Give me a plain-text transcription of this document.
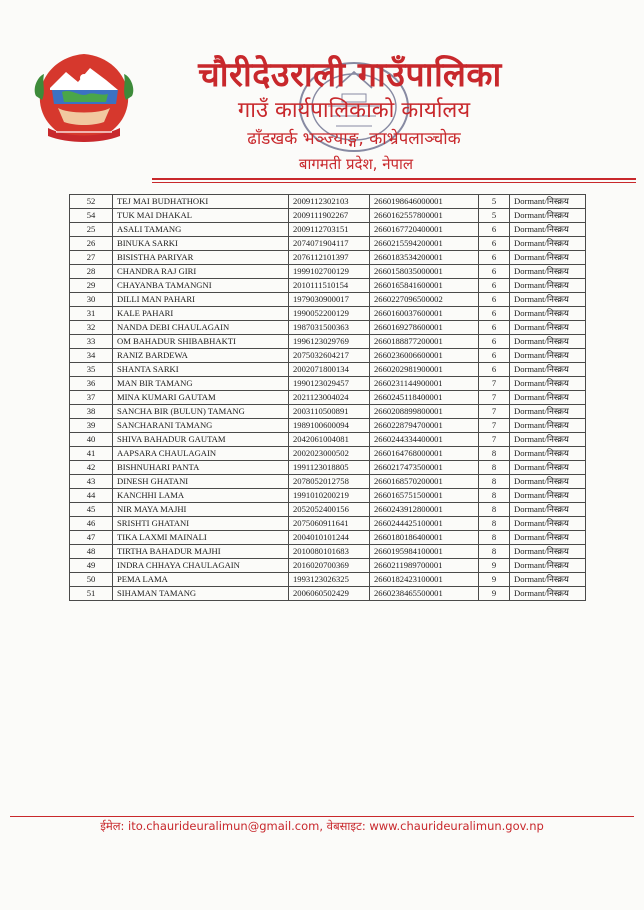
चौरीदेउराली गाउँपालिका
गाउँ कार्यपालिकाको कार्यालय
ढाँडखर्क भञ्ज्याङ्ग, काभ्रेपलाञ्चोक
बागमती प्रदेश, नेपाल
52	TEJ MAI BUDHATHOKI	2009112302103	2660198646000001	5	Dormant/निस्क्रय
54	TUK MAI DHAKAL	2009111902267	2660162557800001	5	Dormant/निस्क्रय
25	ASALI TAMANG	2009112703151	2660167720400001	6	Dormant/निस्क्रय
26	BINUKA SARKI	2074071904117	2660215594200001	6	Dormant/निस्क्रय
27	BISISTHA PARIYAR	2076112101397	2660183534200001	6	Dormant/निस्क्रय
28	CHANDRA RAJ GIRI	1999102700129	2660158035000001	6	Dormant/निस्क्रय
29	CHAYANBA TAMANGNI	2010111510154	2660165841600001	6	Dormant/निस्क्रय
30	DILLI MAN PAHARI	1979030900017	2660227096500002	6	Dormant/निस्क्रय
31	KALE PAHARI	1990052200129	2660160037600001	6	Dormant/निस्क्रय
32	NANDA DEBI CHAULAGAIN	1987031500363	2660169278600001	6	Dormant/निस्क्रय
33	OM BAHADUR SHIBABHAKTI	1996123029769	2660188877200001	6	Dormant/निस्क्रय
34	RANIZ BARDEWA	2075032604217	2660236006600001	6	Dormant/निस्क्रय
35	SHANTA SARKI	2002071800134	2660202981900001	6	Dormant/निस्क्रय
36	MAN BIR TAMANG	1990123029457	2660231144900001	7	Dormant/निस्क्रय
37	MINA KUMARI GAUTAM	2021123004024	2660245118400001	7	Dormant/निस्क्रय
38	SANCHA BIR (BULUN) TAMANG	2003110500891	2660208899800001	7	Dormant/निस्क्रय
39	SANCHARANI TAMANG	1989100600094	2660228794700001	7	Dormant/निस्क्रय
40	SHIVA BAHADUR GAUTAM	2042061004081	2660244334400001	7	Dormant/निस्क्रय
41	AAPSARA CHAULAGAIN	2002023000502	2660164768000001	8	Dormant/निस्क्रय
42	BISHNUHARI PANTA	1991123018805	2660217473500001	8	Dormant/निस्क्रय
43	DINESH GHATANI	2078052012758	2660168570200001	8	Dormant/निस्क्रय
44	KANCHHI LAMA	1991010200219	2660165751500001	8	Dormant/निस्क्रय
45	NIR MAYA MAJHI	2052052400156	2660243912800001	8	Dormant/निस्क्रय
46	SRISHTI GHATANI	2075060911641	2660244425100001	8	Dormant/निस्क्रय
47	TIKA LAXMI MAINALI	2004010101244	2660180186400001	8	Dormant/निस्क्रय
48	TIRTHA BAHADUR MAJHI	2010080101683	2660195984100001	8	Dormant/निस्क्रय
49	INDRA CHHAYA CHAULAGAIN	2016020700369	2660211989700001	9	Dormant/निस्क्रय
50	PEMA LAMA	1993123026325	2660182423100001	9	Dormant/निस्क्रय
51	SIHAMAN TAMANG	2006060502429	2660238465500001	9	Dormant/निस्क्रय
ईमेल: ito.chaurideuralimun@gmail.com, वेबसाइट: www.chaurideuralimun.gov.np
